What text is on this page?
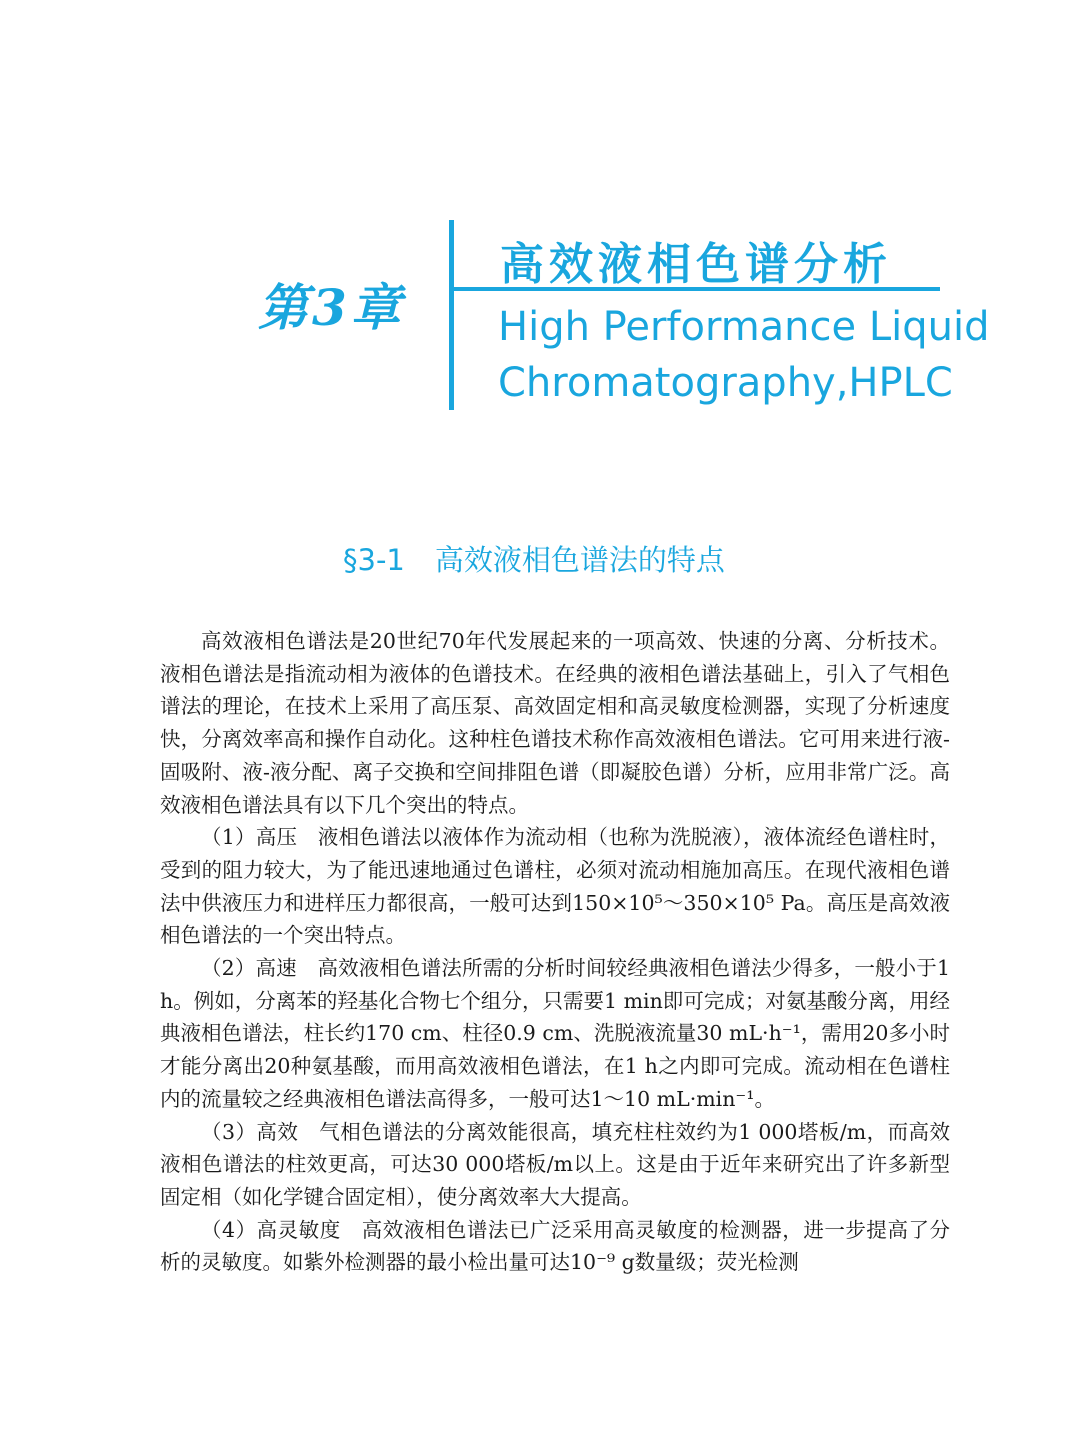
第3章
高效液相色谱分析
High Performance Liquid
Chromatography,HPLC
§3-1 高效液相色谱法的特点

高效液相色谱法是20世纪70年代发展起来的一项高效、快速的分离、分析技术。液相色谱法是指流动相为液体的色谱技术。在经典的液相色谱法基础上，引入了气相色谱法的理论，在技术上采用了高压泵、高效固定相和高灵敏度检测器，实现了分析速度快，分离效率高和操作自动化。这种柱色谱技术称作高效液相色谱法。它可用来进行液-固吸附、液-液分配、离子交换和空间排阻色谱（即凝胶色谱）分析，应用非常广泛。高效液相色谱法具有以下几个突出的特点。

（1）高压　液相色谱法以液体作为流动相（也称为洗脱液），液体流经色谱柱时，受到的阻力较大，为了能迅速地通过色谱柱，必须对流动相施加高压。在现代液相色谱法中供液压力和进样压力都很高，一般可达到150×10⁵～350×10⁵ Pa。高压是高效液相色谱法的一个突出特点。

（2）高速　高效液相色谱法所需的分析时间较经典液相色谱法少得多，一般小于1 h。例如，分离苯的羟基化合物七个组分，只需要1 min即可完成；对氨基酸分离，用经典液相色谱法，柱长约170 cm、柱径0.9 cm、洗脱液流量30 mL·h⁻¹，需用20多小时才能分离出20种氨基酸，而用高效液相色谱法，在1 h之内即可完成。流动相在色谱柱内的流量较之经典液相色谱法高得多，一般可达1～10 mL·min⁻¹。

（3）高效　气相色谱法的分离效能很高，填充柱柱效约为1 000塔板/m，而高效液相色谱法的柱效更高，可达30 000塔板/m以上。这是由于近年来研究出了许多新型固定相（如化学键合固定相），使分离效率大大提高。

（4）高灵敏度　高效液相色谱法已广泛采用高灵敏度的检测器，进一步提高了分析的灵敏度。如紫外检测器的最小检出量可达10⁻⁹ g数量级；荧光检测
